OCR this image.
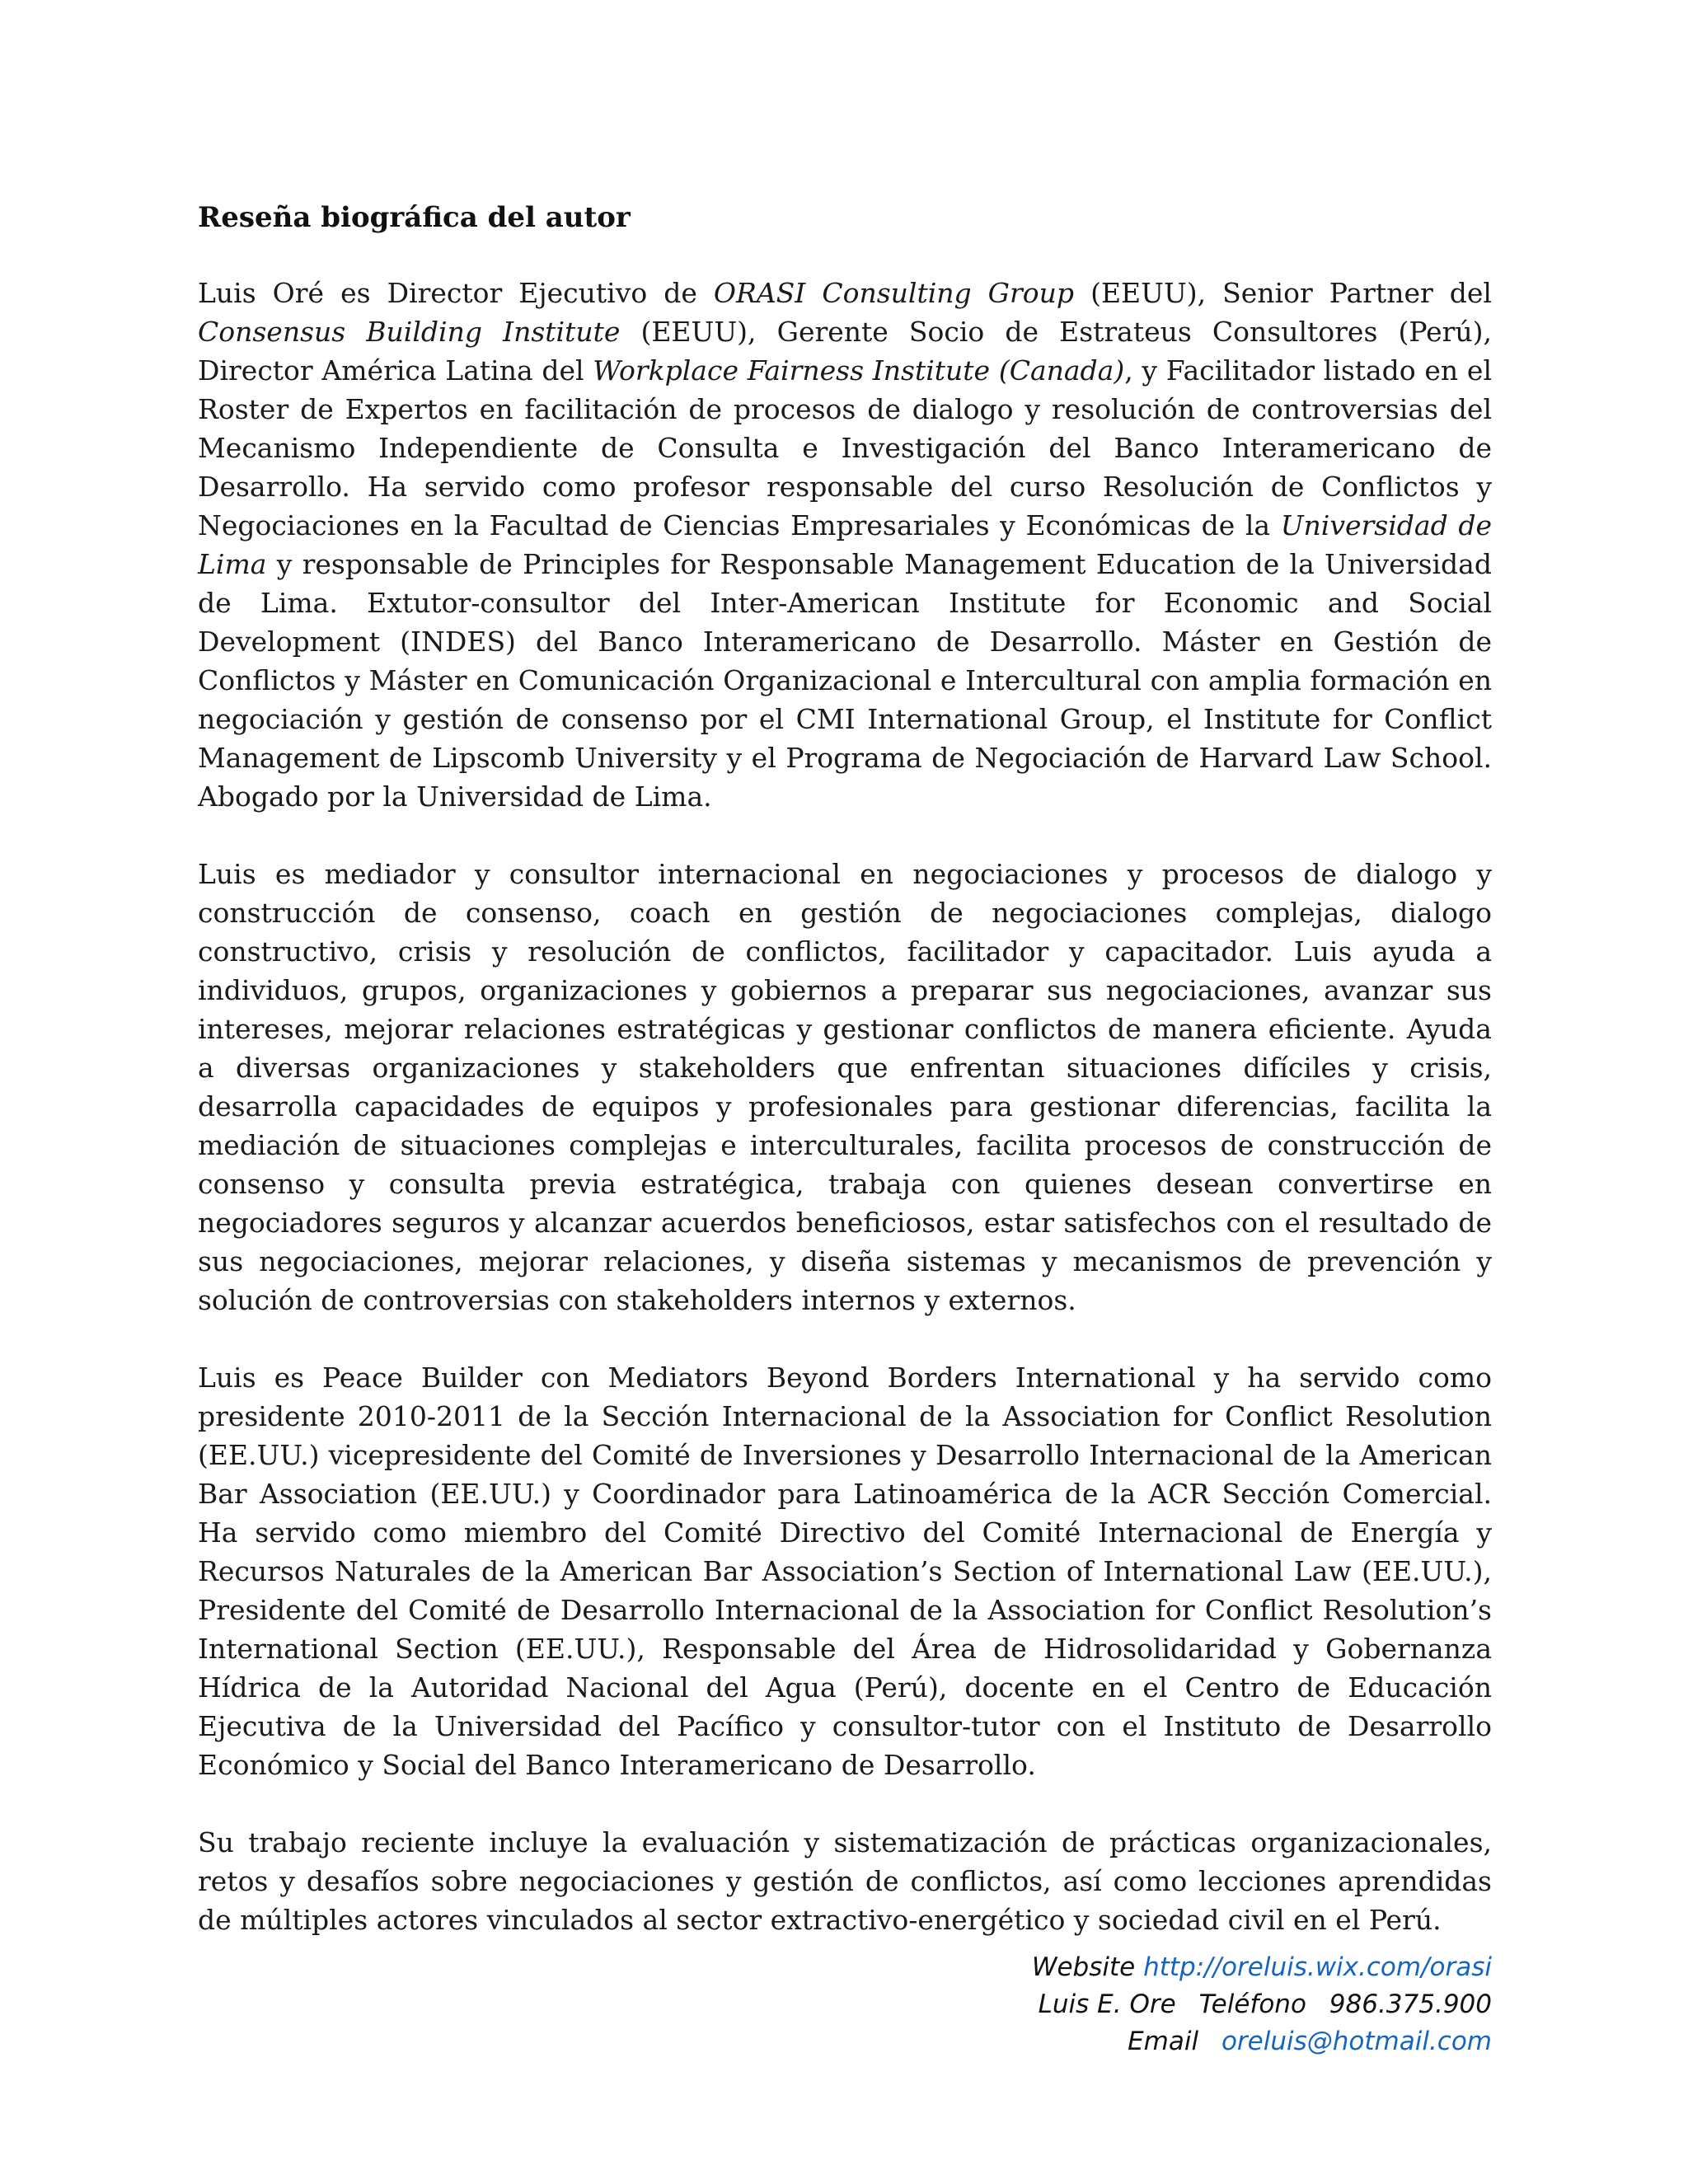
Reseña biográfica del autor
Luis Oré es Director Ejecutivo de ORASI Consulting Group (EEUU), Senior Partner del Consensus Building Institute (EEUU), Gerente Socio de Estrateus Consultores (Perú), Director América Latina del Workplace Fairness Institute (Canada), y Facilitador listado en el Roster de Expertos en facilitación de procesos de dialogo y resolución de controversias del Mecanismo Independiente de Consulta e Investigación del Banco Interamericano de Desarrollo. Ha servido como profesor responsable del curso Resolución de Conflictos y Negociaciones en la Facultad de Ciencias Empresariales y Económicas de la Universidad de Lima y responsable de Principles for Responsable Management Education de la Universidad de Lima. Extutor-consultor del Inter-American Institute for Economic and Social Development (INDES) del Banco Interamericano de Desarrollo. Máster en Gestión de Conflictos y Máster en Comunicación Organizacional e Intercultural con amplia formación en negociación y gestión de consenso por el CMI International Group, el Institute for Conflict Management de Lipscomb University y el Programa de Negociación de Harvard Law School. Abogado por la Universidad de Lima.
Luis es mediador y consultor internacional en negociaciones y procesos de dialogo y construcción de consenso, coach en gestión de negociaciones complejas, dialogo constructivo, crisis y resolución de conflictos, facilitador y capacitador. Luis ayuda a individuos, grupos, organizaciones y gobiernos a preparar sus negociaciones, avanzar sus intereses, mejorar relaciones estratégicas y gestionar conflictos de manera eficiente. Ayuda a diversas organizaciones y stakeholders que enfrentan situaciones difíciles y crisis, desarrolla capacidades de equipos y profesionales para gestionar diferencias, facilita la mediación de situaciones complejas e interculturales, facilita procesos de construcción de consenso y consulta previa estratégica, trabaja con quienes desean convertirse en negociadores seguros y alcanzar acuerdos beneficiosos, estar satisfechos con el resultado de sus negociaciones, mejorar relaciones, y diseña sistemas y mecanismos de prevención y solución de controversias con stakeholders internos y externos.
Luis es Peace Builder con Mediators Beyond Borders International y ha servido como presidente 2010-2011 de la Sección Internacional de la Association for Conflict Resolution (EE.UU.) vicepresidente del Comité de Inversiones y Desarrollo Internacional de la American Bar Association (EE.UU.) y Coordinador para Latinoamérica de la ACR Sección Comercial. Ha servido como miembro del Comité Directivo del Comité Internacional de Energía y Recursos Naturales de la American Bar Association’s Section of International Law (EE.UU.), Presidente del Comité de Desarrollo Internacional de la Association for Conflict Resolution’s International Section (EE.UU.), Responsable del Área de Hidrosolidaridad y Gobernanza Hídrica de la Autoridad Nacional del Agua (Perú), docente en el Centro de Educación Ejecutiva de la Universidad del Pacífico y consultor-tutor con el Instituto de Desarrollo Económico y Social del Banco Interamericano de Desarrollo.
Su trabajo reciente incluye la evaluación y sistematización de prácticas organizacionales, retos y desafíos sobre negociaciones y gestión de conflictos, así como lecciones aprendidas de múltiples actores vinculados al sector extractivo-energético y sociedad civil en el Perú.
Website http://oreluis.wix.com/orasi
Luis E. Ore Teléfono 986.375.900
Email oreluis@hotmail.com
